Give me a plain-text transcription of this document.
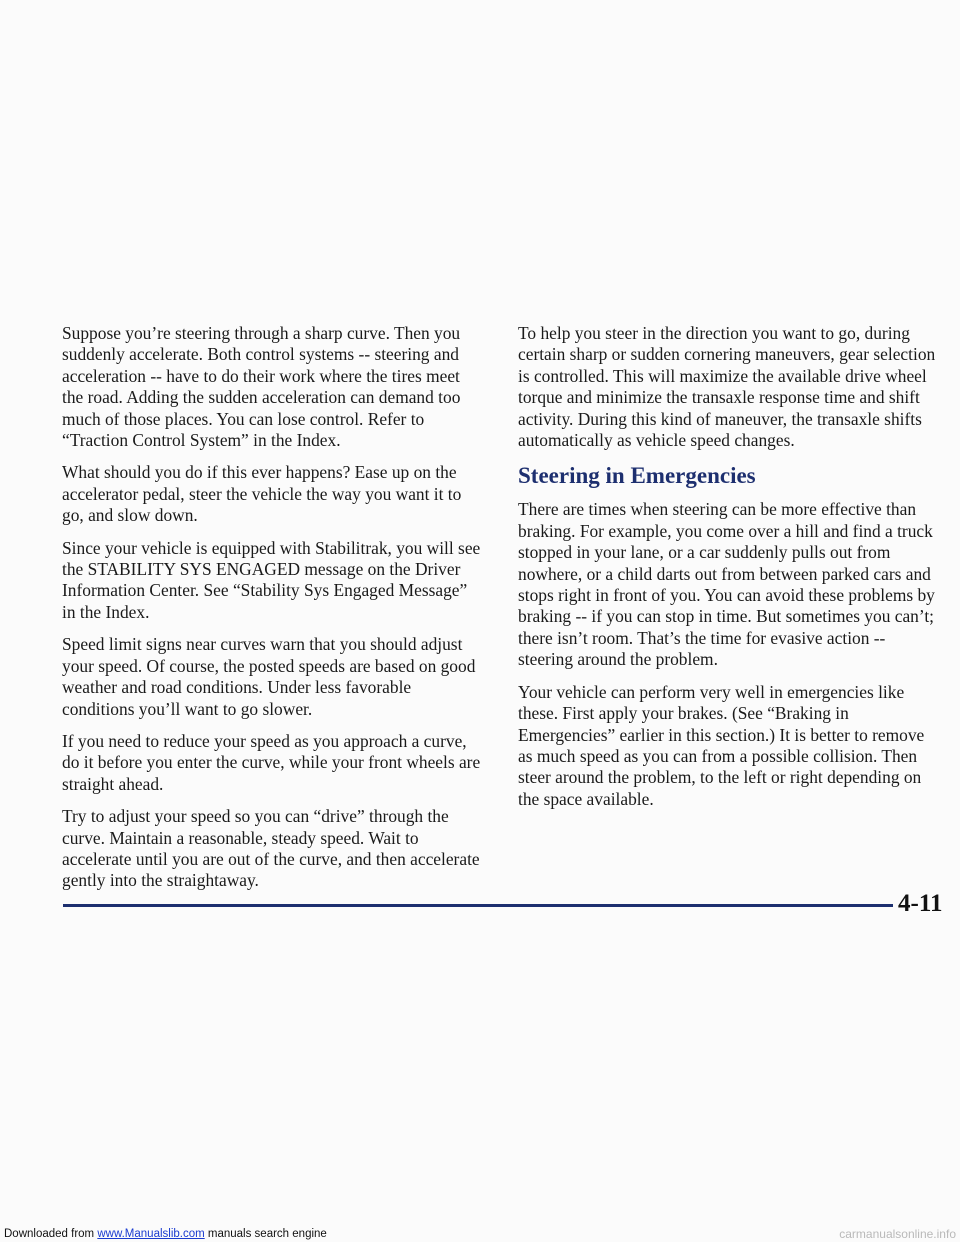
Suppose you’re steering through a sharp curve. Then you suddenly accelerate. Both control systems -- steering and acceleration -- have to do their work where the tires meet the road. Adding the sudden acceleration can demand too much of those places. You can lose control. Refer to “Traction Control System” in the Index.

What should you do if this ever happens? Ease up on the accelerator pedal, steer the vehicle the way you want it to go, and slow down.

Since your vehicle is equipped with Stabilitrak, you will see the STABILITY SYS ENGAGED message on the Driver Information Center. See “Stability Sys Engaged Message” in the Index.

Speed limit signs near curves warn that you should adjust your speed. Of course, the posted speeds are based on good weather and road conditions. Under less favorable conditions you’ll want to go slower.

If you need to reduce your speed as you approach a curve, do it before you enter the curve, while your front wheels are straight ahead.

Try to adjust your speed so you can “drive” through the curve. Maintain a reasonable, steady speed. Wait to accelerate until you are out of the curve, and then accelerate gently into the straightaway.

To help you steer in the direction you want to go, during certain sharp or sudden cornering maneuvers, gear selection is controlled. This will maximize the available drive wheel torque and minimize the transaxle response time and shift activity. During this kind of maneuver, the transaxle shifts automatically as vehicle speed changes.

Steering in Emergencies

There are times when steering can be more effective than braking. For example, you come over a hill and find a truck stopped in your lane, or a car suddenly pulls out from nowhere, or a child darts out from between parked cars and stops right in front of you. You can avoid these problems by braking -- if you can stop in time. But sometimes you can’t; there isn’t room. That’s the time for evasive action -- steering around the problem.

Your vehicle can perform very well in emergencies like these. First apply your brakes. (See “Braking in Emergencies” earlier in this section.) It is better to remove as much speed as you can from a possible collision. Then steer around the problem, to the left or right depending on the space available.

4-11
Downloaded from www.Manualslib.com manuals search engine	carmanualsonline.info
